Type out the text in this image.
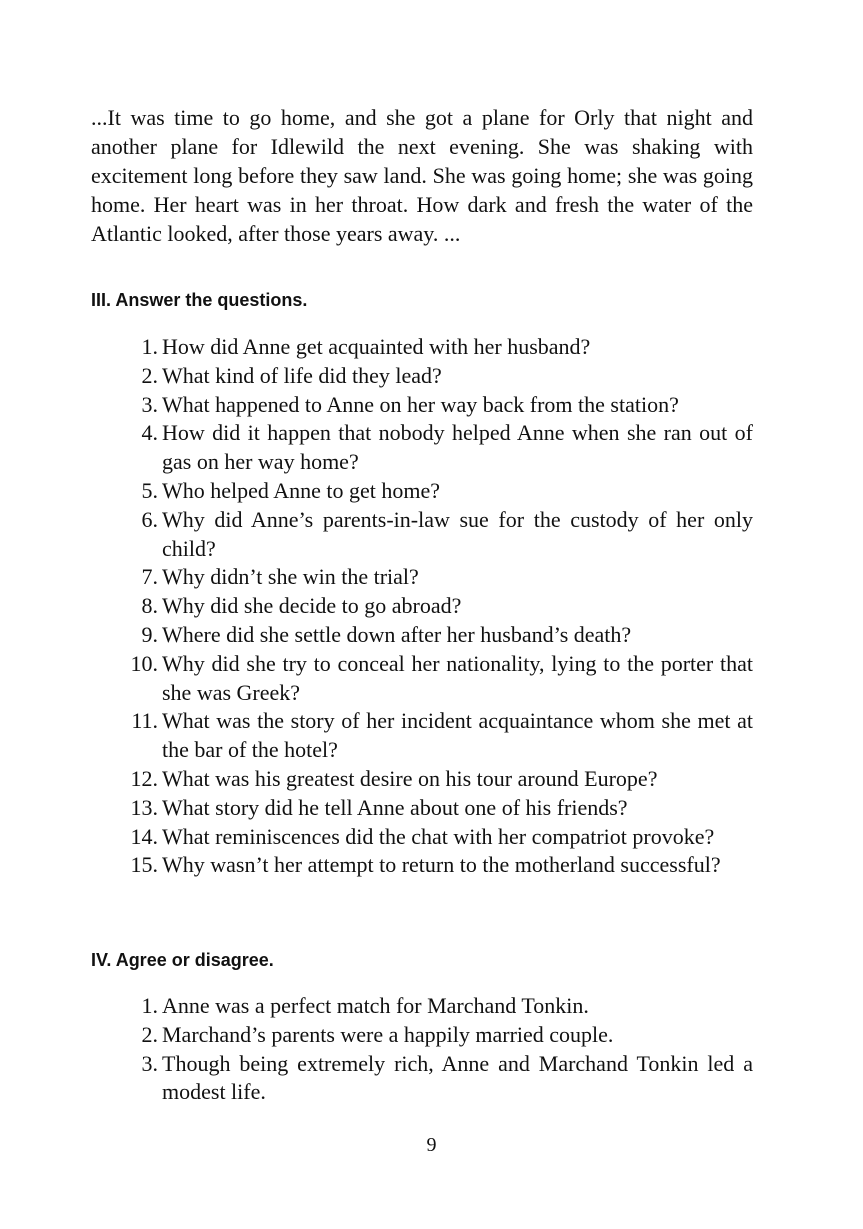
...It was time to go home, and she got a plane for Orly that night and another plane for Idlewild the next evening. She was shaking with excitement long before they saw land. She was going home; she was going home. Her heart was in her throat. How dark and fresh the water of the Atlantic looked, after those years away. ...

III. Answer the questions.
1. How did Anne get acquainted with her husband?
2. What kind of life did they lead?
3. What happened to Anne on her way back from the station?
4. How did it happen that nobody helped Anne when she ran out of gas on her way home?
5. Who helped Anne to get home?
6. Why did Anne’s parents-in-law sue for the custody of her only child?
7. Why didn’t she win the trial?
8. Why did she decide to go abroad?
9. Where did she settle down after her husband’s death?
10. Why did she try to conceal her nationality, lying to the porter that she was Greek?
11. What was the story of her incident acquaintance whom she met at the bar of the hotel?
12. What was his greatest desire on his tour around Europe?
13. What story did he tell Anne about one of his friends?
14. What reminiscences did the chat with her compatriot provoke?
15. Why wasn’t her attempt to return to the motherland successful?
IV. Agree or disagree.
1. Anne was a perfect match for Marchand Tonkin.
2. Marchand’s parents were a happily married couple.
3. Though being extremely rich, Anne and Marchand Tonkin led a modest life.
9
